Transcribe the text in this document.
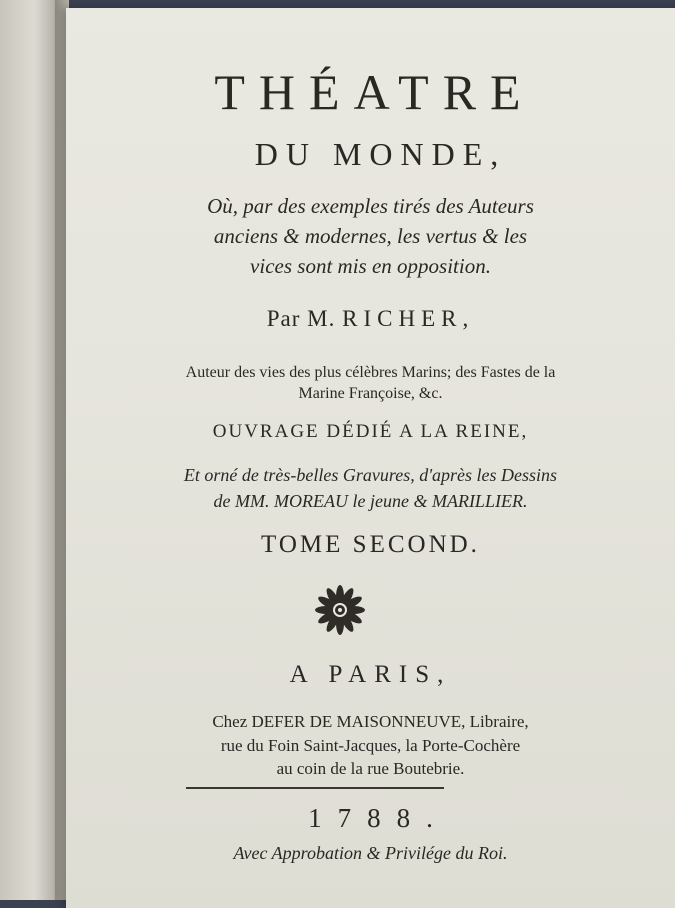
THÉATRE
DU MONDE,
Où, par des exemples tirés des Auteurs
anciens & modernes, les vertus & les
vices sont mis en opposition.
Par M. RICHER,
Auteur des vies des plus célèbres Marins; des Fastes de la
Marine Françoise, &c.
OUVRAGE DÉDIÉ A LA REINE,
Et orné de très-belles Gravures, d'après les Dessins
de MM. MOREAU le jeune & MARILLIER.
TOME SECOND.
A PARIS,
Chez DEFER DE MAISONNEUVE, Libraire,
rue du Foin Saint-Jacques, la Porte-Cochère
au coin de la rue Boutebrie.
1788.
Avec Approbation & Privilége du Roi.
